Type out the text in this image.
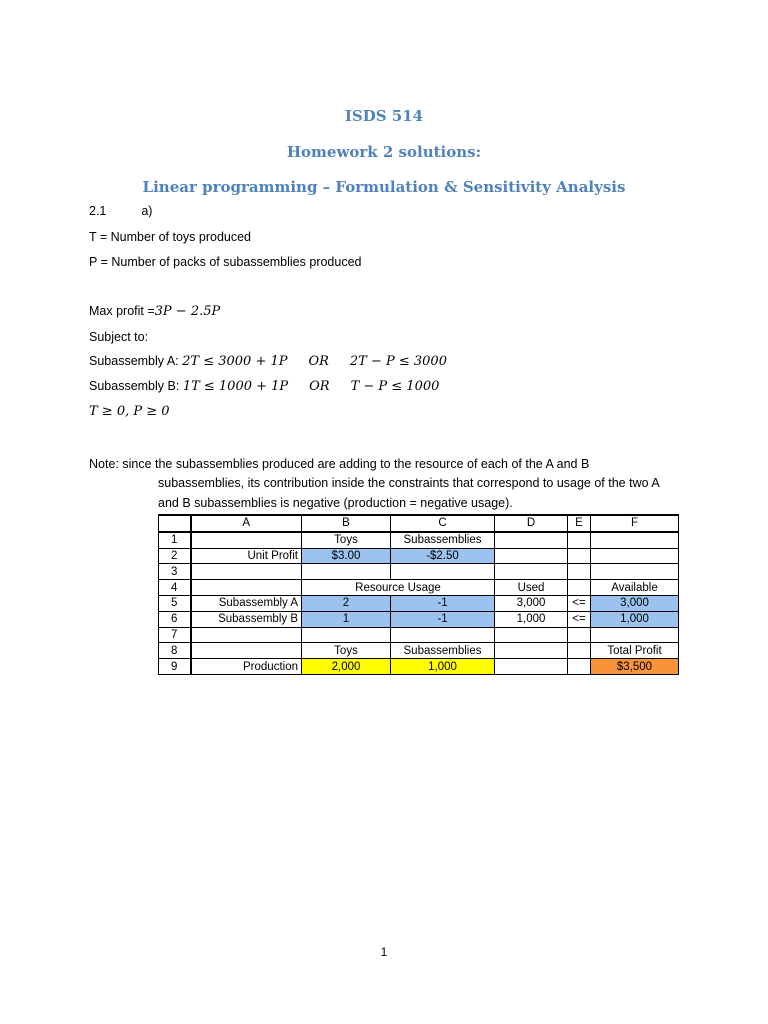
ISDS 514
Homework 2 solutions:
Linear programming – Formulation & Sensitivity Analysis
2.1	a)
T = Number of toys produced
P = Number of packs of subassemblies produced
Max profit =3P − 2.5P
Subject to:
Subassembly A: 2T ≤ 3000 + 1P OR 2T − P ≤ 3000
Subassembly B: 1T ≤ 1000 + 1P OR T − P ≤ 1000
T ≥ 0, P ≥ 0
Note: since the subassemblies produced are adding to the resource of each of the A and B
subassemblies, its contribution inside the constraints that correspond to usage of the two A
and B subassemblies is negative (production = negative usage).
	A	B	C	D	E	F
1		Toys	Subassemblies			
2	Unit Profit	$3.00	-$2.50			
3						
4		Resource Usage		Used		Available
5	Subassembly A	2	-1	3,000	<=	3,000
6	Subassembly B	1	-1	1,000	<=	1,000
7						
8		Toys	Subassemblies			Total Profit
9	Production	2,000	1,000			$3,500
1
